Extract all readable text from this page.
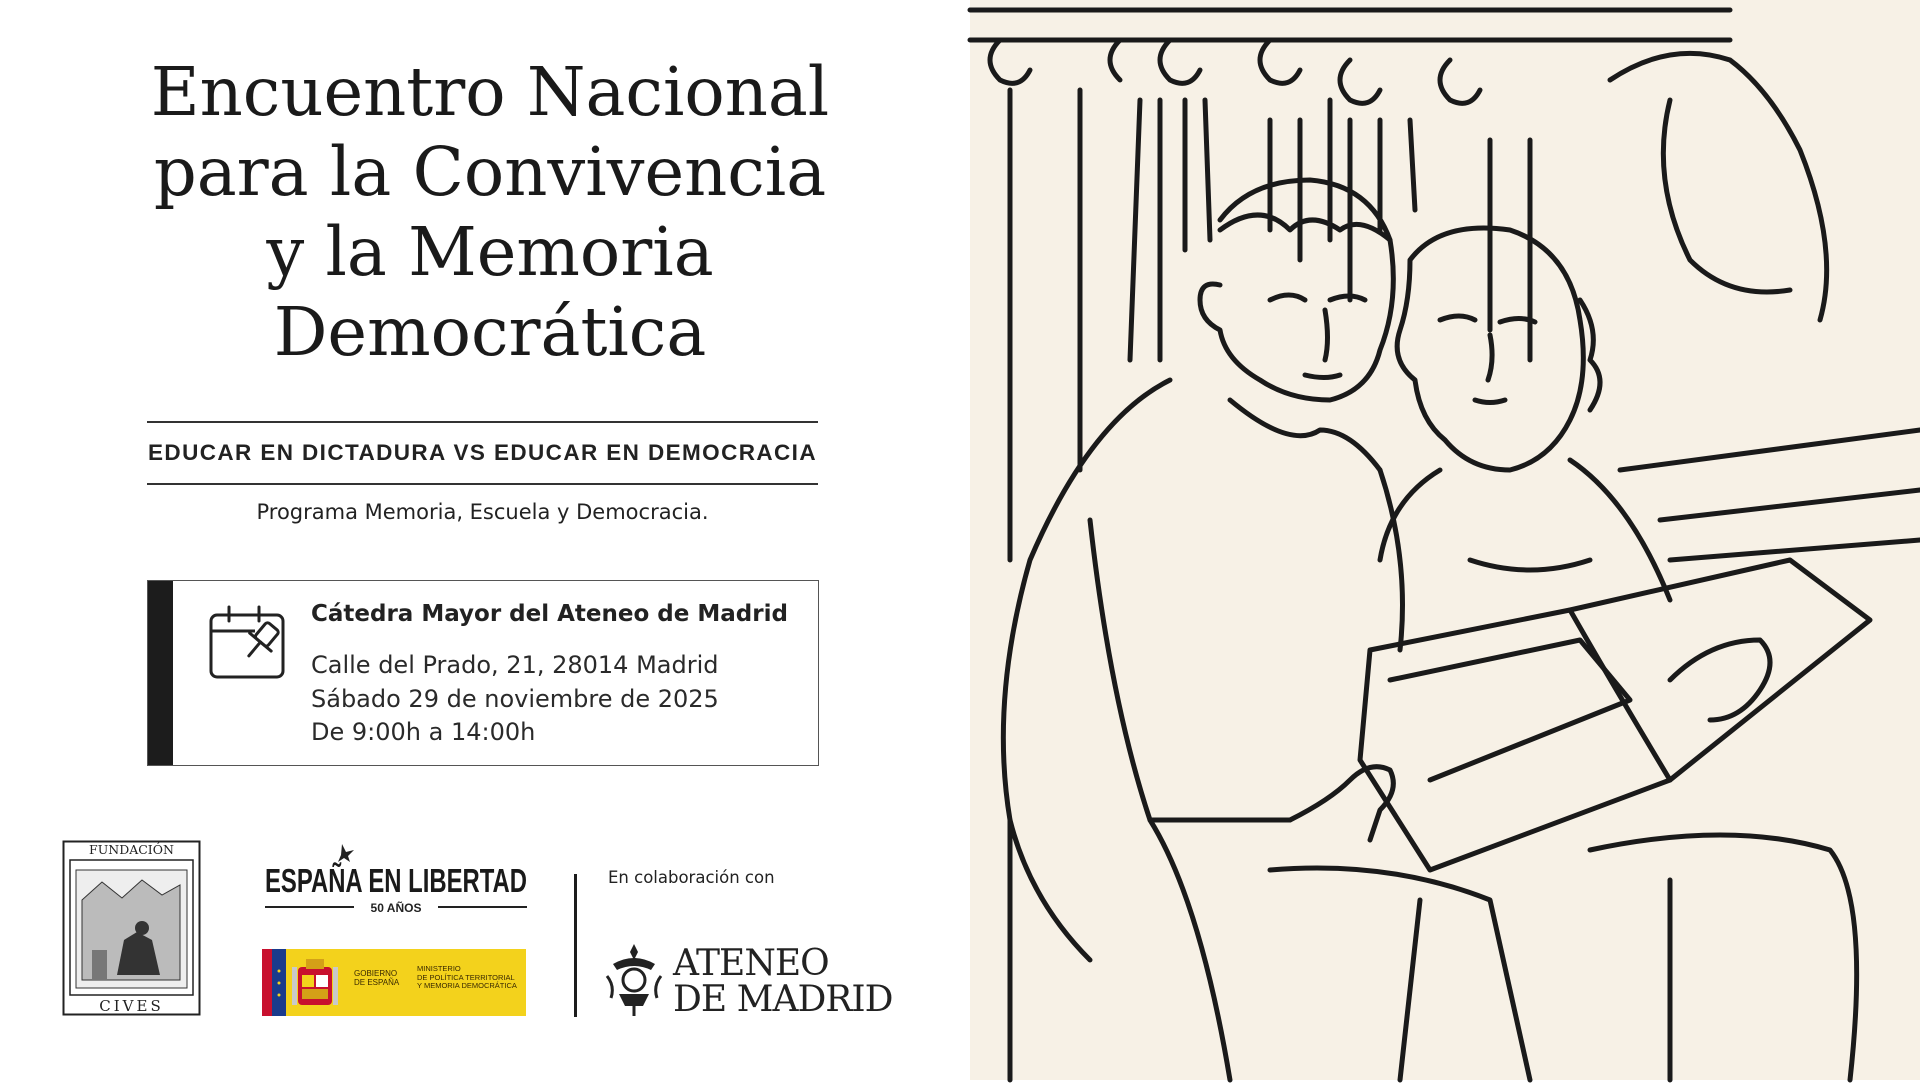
Encuentro Nacional
para la Convivencia
y la Memoria
Democrática
EDUCAR EN DICTADURA VS EDUCAR EN DEMOCRACIA
Programa Memoria, Escuela y Democracia.
Cátedra Mayor del Ateneo de Madrid
Calle del Prado, 21, 28014 Madrid
Sábado 29 de noviembre de 2025
De 9:00h a 14:00h
FUNDACIÓN
CIVES
ESPAÑA EN LIBERTAD
50 AÑOS
GOBIERNO
DE ESPAÑA
MINISTERIO
DE POLÍTICA TERRITORIAL
Y MEMORIA DEMOCRÁTICA
En colaboración con
ATENEO
DE MADRID
